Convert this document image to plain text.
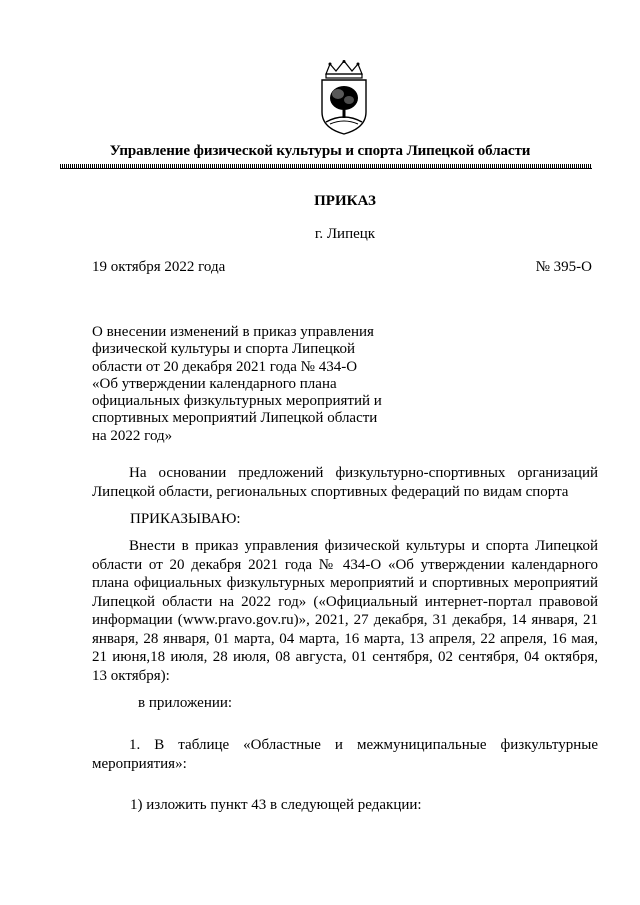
Управление физической культуры и спорта Липецкой области
ПРИКАЗ
г. Липецк
19 октября 2022 года	№ 395-О
О внесении изменений в приказ управления
физической культуры и спорта Липецкой
области от 20 декабря 2021 года № 434-О
«Об утверждении календарного плана
официальных физкультурных мероприятий и
спортивных мероприятий Липецкой области
на 2022 год»
На основании предложений физкультурно-спортивных организаций Липецкой области, региональных спортивных федераций по видам спорта
ПРИКАЗЫВАЮ:
Внести в приказ управления физической культуры и спорта Липецкой области от 20 декабря 2021 года № 434-О «Об утверждении календарного плана официальных физкультурных мероприятий и спортивных мероприятий Липецкой области на 2022 год» («Официальный интернет-портал правовой информации (www.pravo.gov.ru)», 2021, 27 декабря, 31 декабря, 14 января, 21 января, 28 января, 01 марта, 04 марта, 16 марта, 13 апреля, 22 апреля, 16 мая, 21 июня,18 июля, 28 июля, 08 августа, 01 сентября, 02 сентября, 04 октября, 13 октября):
в приложении:
1. В таблице «Областные и межмуниципальные физкультурные мероприятия»:
1) изложить пункт 43 в следующей редакции:
